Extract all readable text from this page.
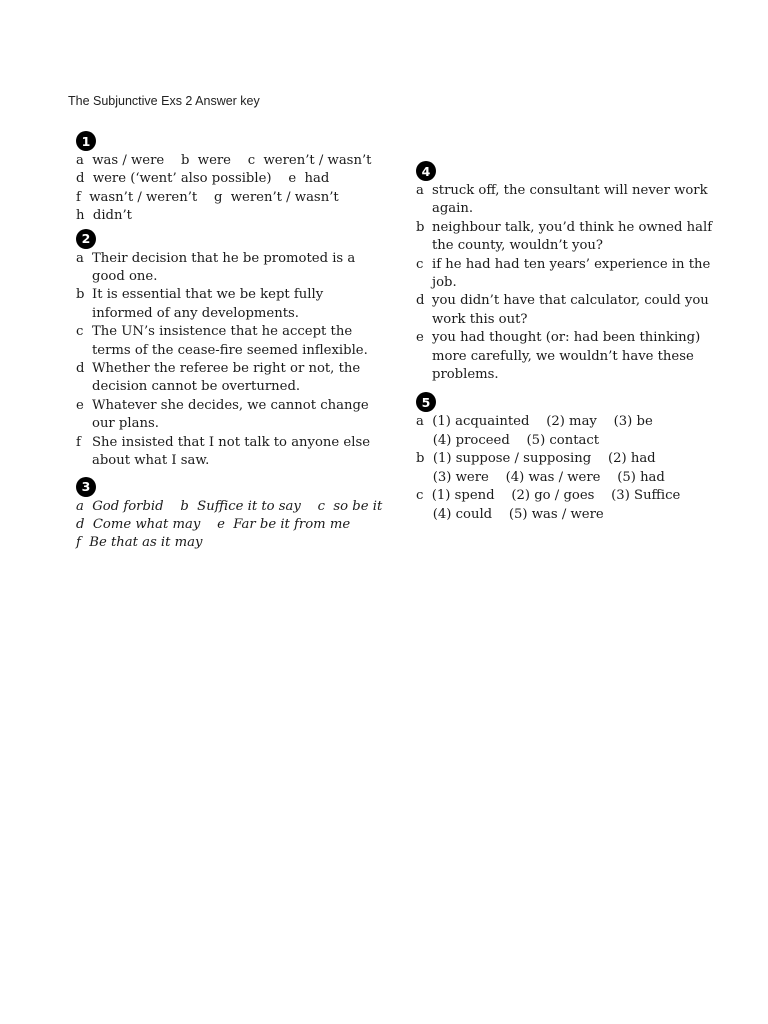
The Subjunctive Exs 2 Answer key
1
a  was / were    b  were    c  weren’t / wasn’t
d  were (‘went’ also possible)    e  had
f  wasn’t / weren’t    g  weren’t / wasn’t
h  didn’t
2
a Their decision that he be promoted is a good one.
b It is essential that we be kept fully informed of any developments.
c The UN’s insistence that he accept the terms of the cease-fire seemed inflexible.
d Whether the referee be right or not, the decision cannot be overturned.
e Whatever she decides, we cannot change our plans.
f She insisted that I not talk to anyone else about what I saw.
3
a  God forbid    b  Suffice it to say    c  so be it
d  Come what may    e  Far be it from me
f  Be that as it may
4
a struck off, the consultant will never work again.
b neighbour talk, you’d think he owned half the county, wouldn’t you?
c if he had had ten years’ experience in the job.
d you didn’t have that calculator, could you work this out?
e you had thought (or: had been thinking) more carefully, we wouldn’t have these problems.
5
a  (1) acquainted    (2) may    (3) be
(4) proceed    (5) contact
b  (1) suppose / supposing    (2) had
(3) were    (4) was / were    (5) had
c  (1) spend    (2) go / goes    (3) Suffice
(4) could    (5) was / were
